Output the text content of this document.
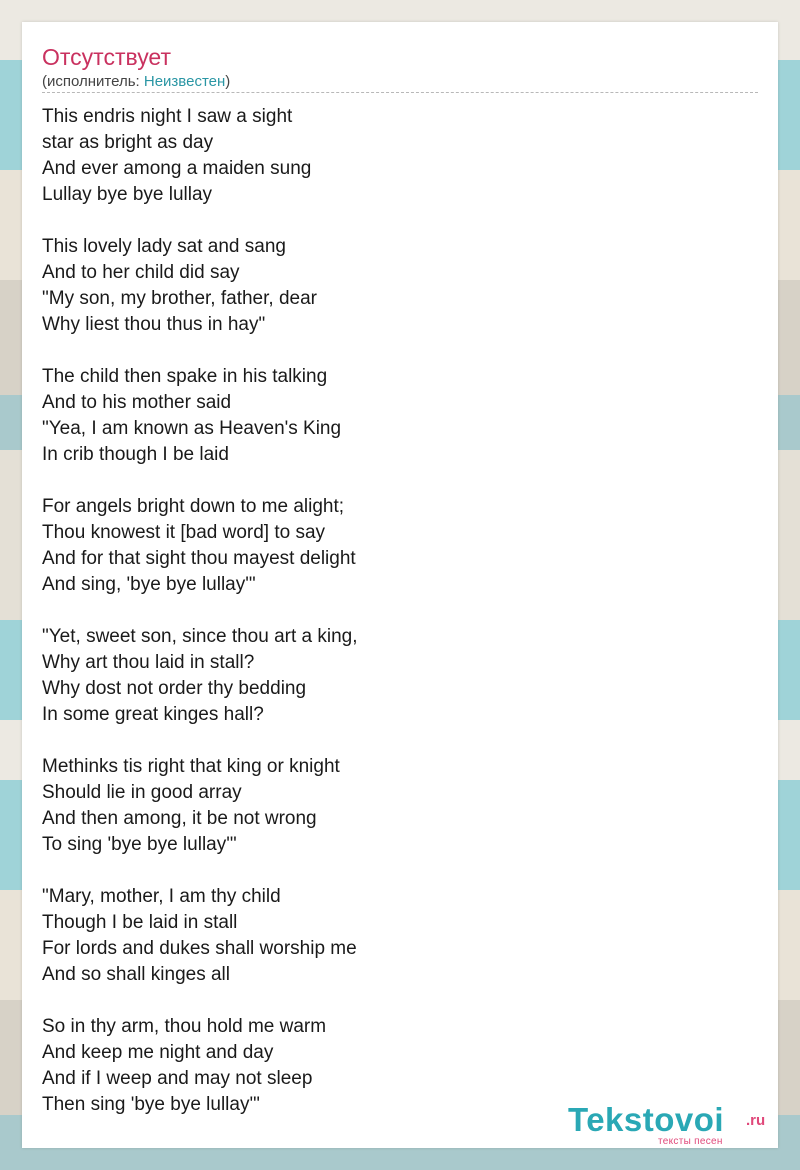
Отсутствует
(исполнитель: Неизвестен)
This endris night I saw a sight
star as bright as day
And ever among a maiden sung
Lullay bye bye lullay
This lovely lady sat and sang
And to her child did say
"My son, my brother, father, dear
Why liest thou thus in hay"
The child then spake in his talking
And to his mother said
"Yea, I am known as Heaven's King
In crib though I be laid
For angels bright down to me alight;
Thou knowest it [bad word] to say
And for that sight thou mayest delight
And sing, 'bye bye lullay'"
"Yet, sweet son, since thou art a king,
Why art thou laid in stall?
Why dost not order thy bedding
In some great kinges hall?
Methinks tis right that king or knight
Should lie in good array
And then among, it be not wrong
To sing 'bye bye lullay'"
"Mary, mother, I am thy child
Though I be laid in stall
For lords and dukes shall worship me
And so shall kinges all
So in thy arm, thou hold me warm
And keep me night and day
And if I weep and may not sleep
Then sing 'bye bye lullay'"	Tekstovoi .ru
тексты песен
